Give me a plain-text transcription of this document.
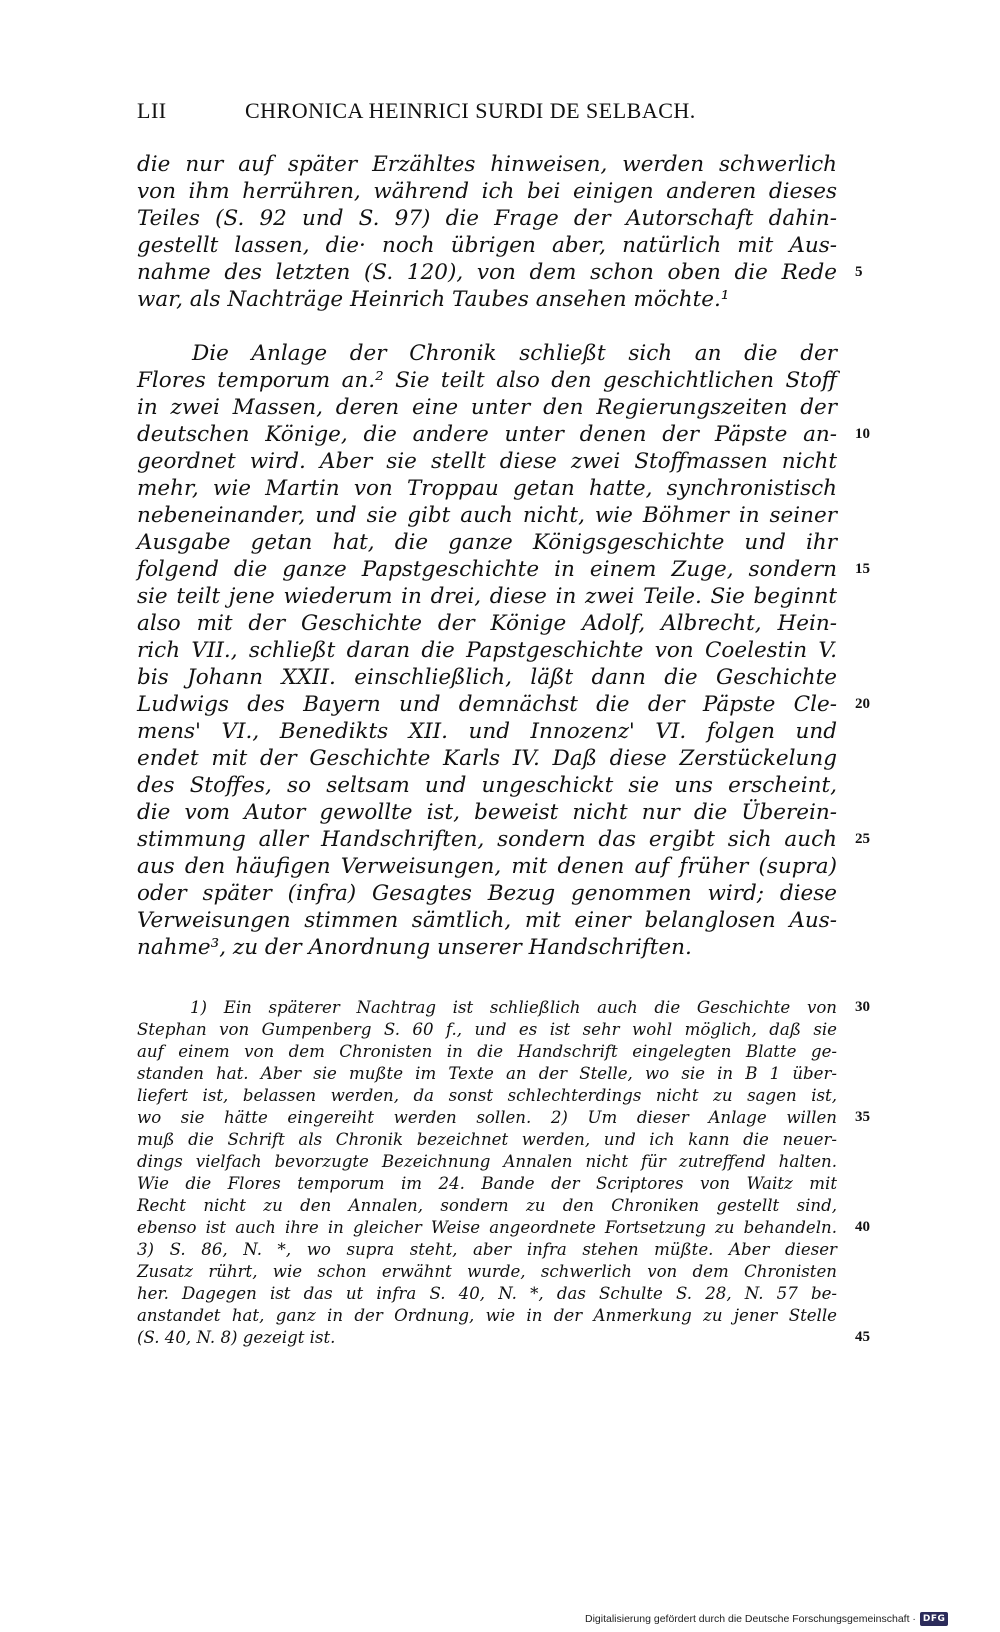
LII	CHRONICA HEINRICI SURDI DE SELBACH.
die nur auf später Erzähltes hinweisen, werden schwerlich
von ihm herrühren, während ich bei einigen anderen dieses
Teiles (S. 92 und S. 97) die Frage der Autorschaft dahin-
gestellt lassen, die· noch übrigen aber, natürlich mit Aus-
nahme des letzten (S. 120), von dem schon oben die Rede
war, als Nachträge Heinrich Taubes ansehen möchte.¹
Die Anlage der Chronik schließt sich an die der
Flores temporum an.² Sie teilt also den geschichtlichen Stoff
in zwei Massen, deren eine unter den Regierungszeiten der
deutschen Könige, die andere unter denen der Päpste an-
geordnet wird. Aber sie stellt diese zwei Stoffmassen nicht
mehr, wie Martin von Troppau getan hatte, synchronistisch
nebeneinander, und sie gibt auch nicht, wie Böhmer in seiner
Ausgabe getan hat, die ganze Königsgeschichte und ihr
folgend die ganze Papstgeschichte in einem Zuge, sondern
sie teilt jene wiederum in drei, diese in zwei Teile. Sie beginnt
also mit der Geschichte der Könige Adolf, Albrecht, Hein-
rich VII., schließt daran die Papstgeschichte von Coelestin V.
bis Johann XXII. einschließlich, läßt dann die Geschichte
Ludwigs des Bayern und demnächst die der Päpste Cle-
mens' VI., Benedikts XII. und Innozenz' VI. folgen und
endet mit der Geschichte Karls IV. Daß diese Zerstückelung
des Stoffes, so seltsam und ungeschickt sie uns erscheint,
die vom Autor gewollte ist, beweist nicht nur die Überein-
stimmung aller Handschriften, sondern das ergibt sich auch
aus den häufigen Verweisungen, mit denen auf früher (supra)
oder später (infra) Gesagtes Bezug genommen wird; diese
Verweisungen stimmen sämtlich, mit einer belanglosen Aus-
nahme³, zu der Anordnung unserer Handschriften.
1) Ein späterer Nachtrag ist schließlich auch die Geschichte von
Stephan von Gumpenberg S. 60 f., und es ist sehr wohl möglich, daß sie
auf einem von dem Chronisten in die Handschrift eingelegten Blatte ge-
standen hat. Aber sie mußte im Texte an der Stelle, wo sie in B 1 über-
liefert ist, belassen werden, da sonst schlechterdings nicht zu sagen ist,
wo sie hätte eingereiht werden sollen. 2) Um dieser Anlage willen
muß die Schrift als Chronik bezeichnet werden, und ich kann die neuer-
dings vielfach bevorzugte Bezeichnung Annalen nicht für zutreffend halten.
Wie die Flores temporum im 24. Bande der Scriptores von Waitz mit
Recht nicht zu den Annalen, sondern zu den Chroniken gestellt sind,
ebenso ist auch ihre in gleicher Weise angeordnete Fortsetzung zu behandeln.
3) S. 86, N. *, wo supra steht, aber infra stehen müßte. Aber dieser
Zusatz rührt, wie schon erwähnt wurde, schwerlich von dem Chronisten
her. Dagegen ist das ut infra S. 40, N. *, das Schulte S. 28, N. 57 be-
anstandet hat, ganz in der Ordnung, wie in der Anmerkung zu jener Stelle
(S. 40, N. 8) gezeigt ist.
5
10
15
20
25
30
35
40
45
Digitalisierung gefördert durch die Deutsche Forschungsgemeinschaft · DFG
